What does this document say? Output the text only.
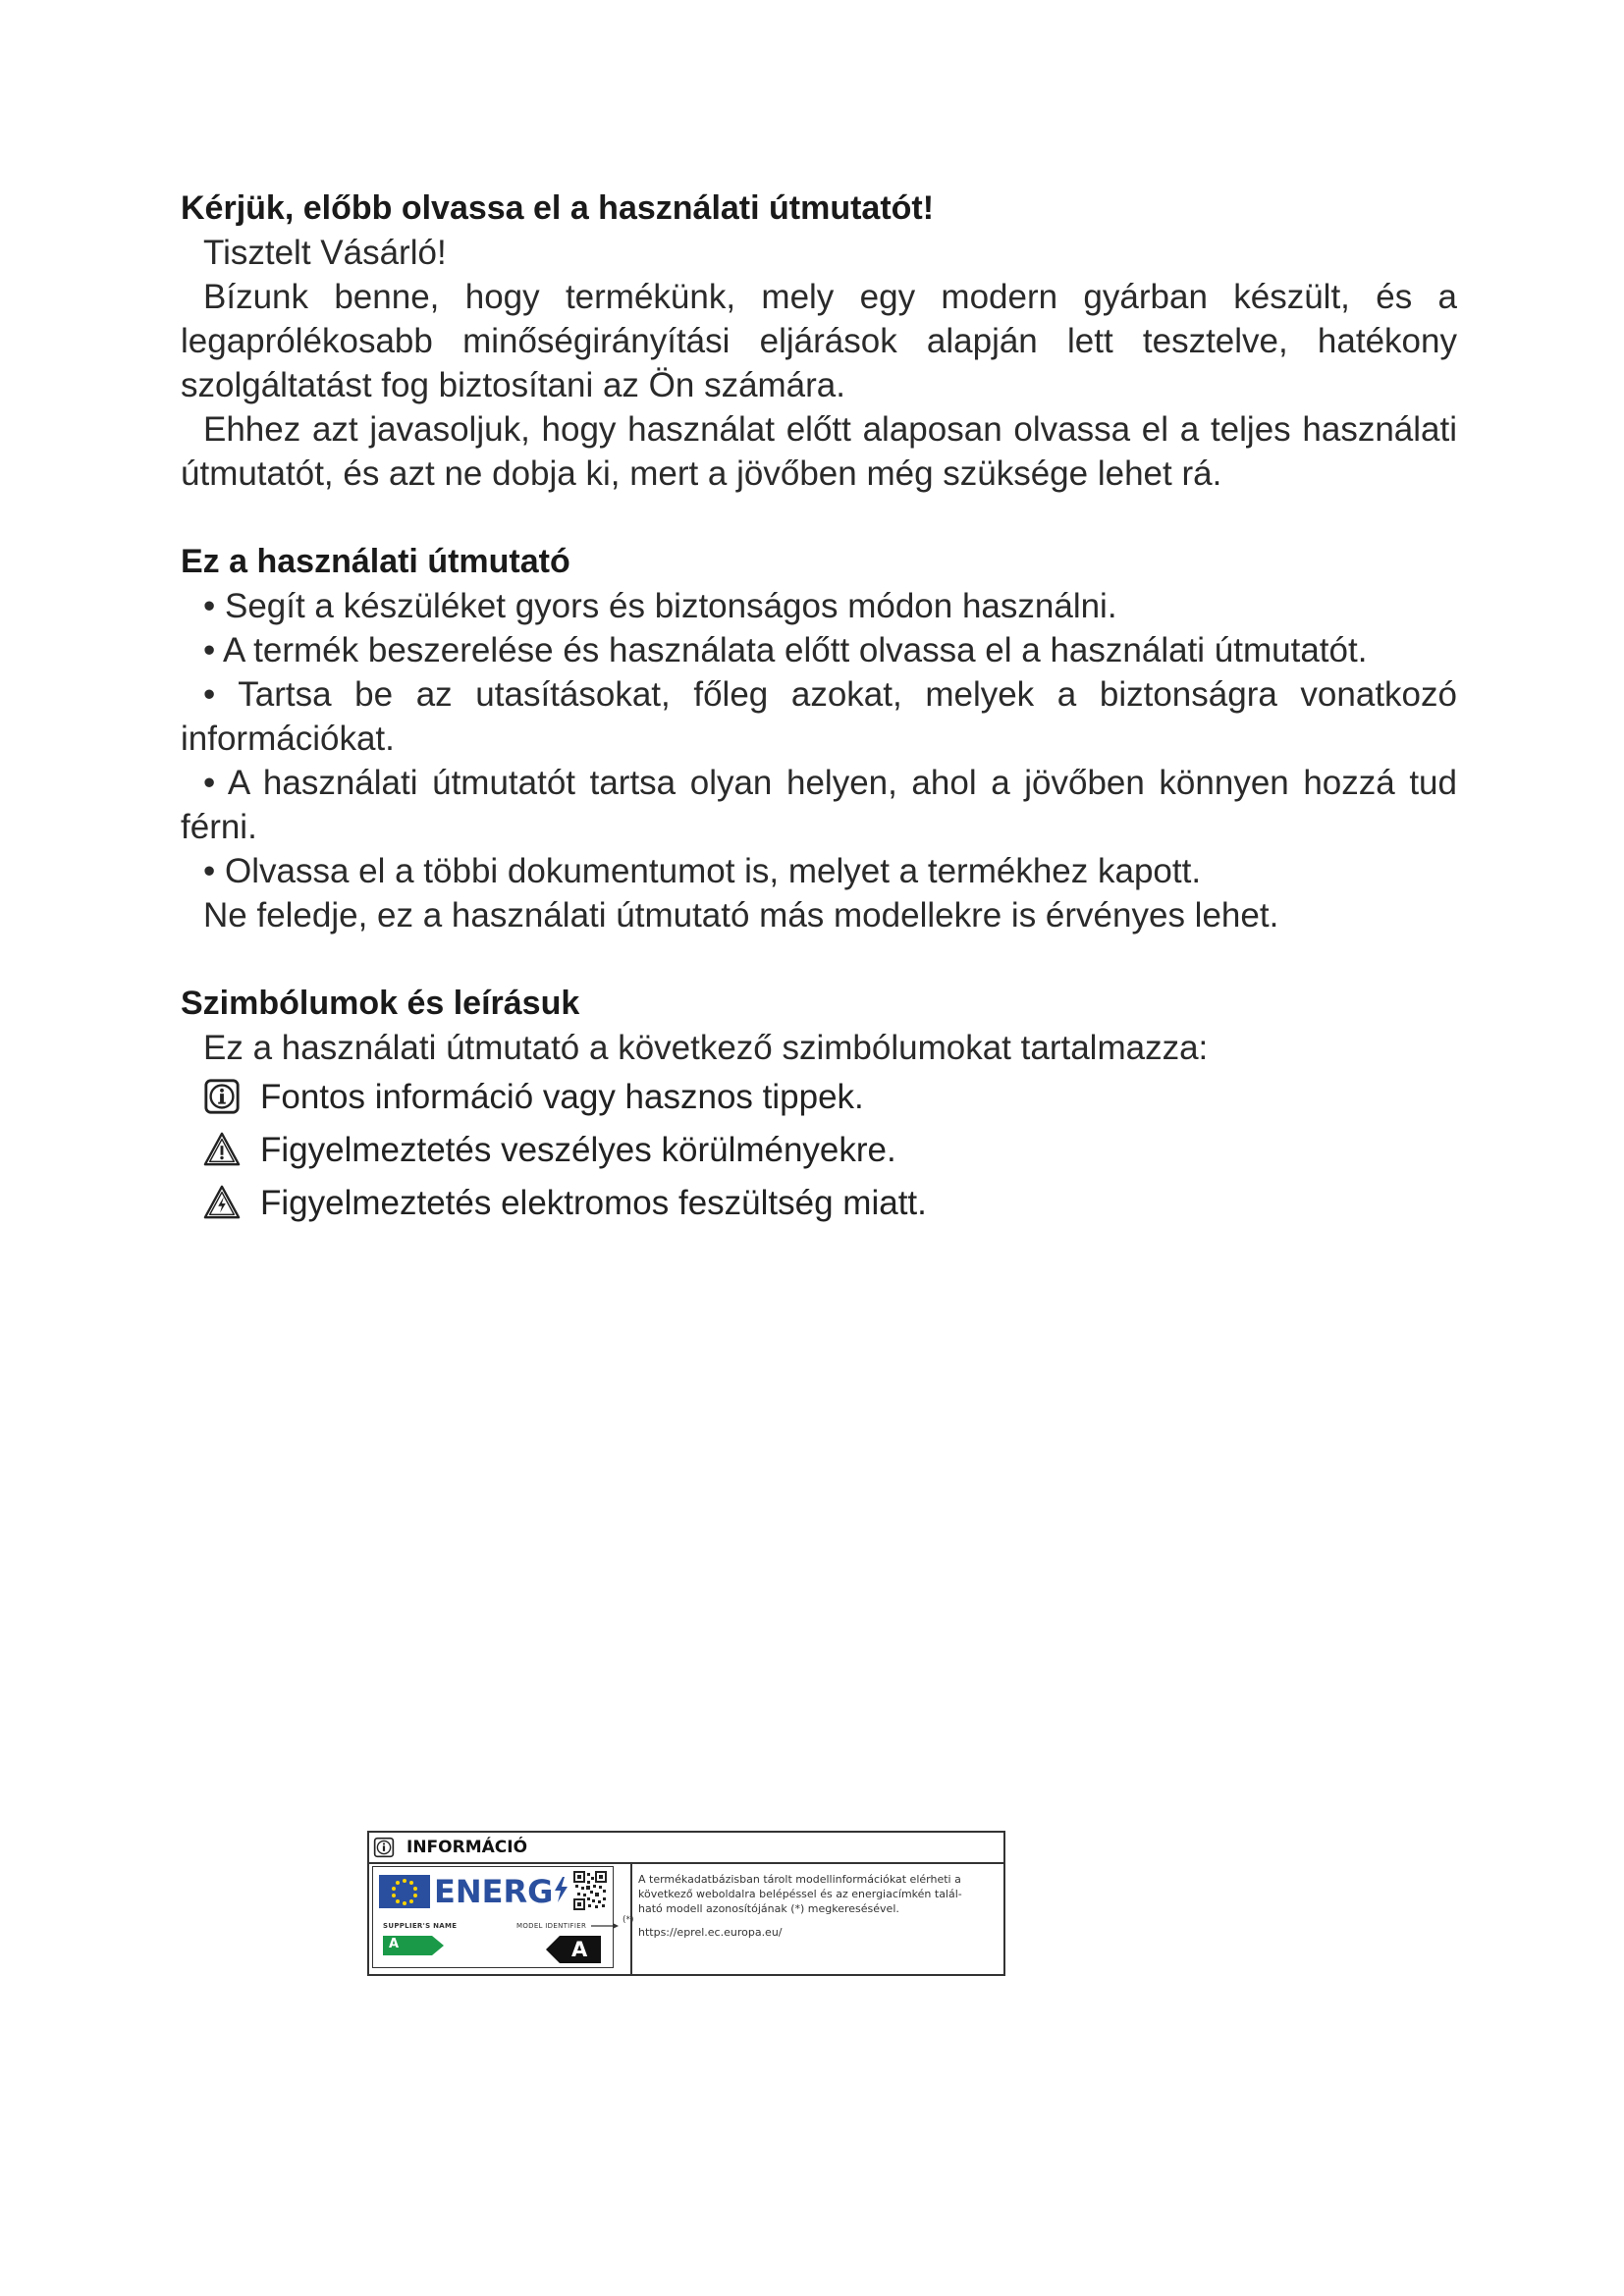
Kérjük, előbb olvassa el a használati útmutatót!

Tisztelt Vásárló!

Bízunk benne, hogy termékünk, mely egy modern gyárban készült, és a legaprólékosabb minőségirányítási eljárások alapján lett tesztelve, hatékony szolgáltatást fog biztosítani az Ön számára.

Ehhez azt javasoljuk, hogy használat előtt alaposan olvassa el a teljes használati útmutatót, és azt ne dobja ki, mert a jövőben még szüksége lehet rá.

Ez a használati útmutató

• Segít a készüléket gyors és biztonságos módon használni.

• A termék beszerelése és használata előtt olvassa el a használati útmutatót.

• Tartsa be az utasításokat, főleg azokat, melyek a biztonságra vonatkozó információkat.

• A használati útmutatót tartsa olyan helyen, ahol a jövőben könnyen hozzá tud férni.

• Olvassa el a többi dokumentumot is, melyet a termékhez kapott.

Ne feledje, ez a használati útmutató más modellekre is érvényes lehet.

Szimbólumok és leírásuk

Ez a használati útmutató a következő szimbólumokat tartalmazza:

Fontos információ vagy hasznos tippek.
Figyelmeztetés veszélyes körülményekre.
Figyelmeztetés elektromos feszültség miatt.
INFORMÁCIÓ
ENERG
SUPPLIER'S NAME	MODEL IDENTIFIER
A	A
(*)

A termékadatbázisban tárolt modellinformációkat elérheti a

következő weboldalra belépéssel és az energiacímkén talál-

ható modell azonosítójának (*) megkeresésével.

https://eprel.ec.europa.eu/
